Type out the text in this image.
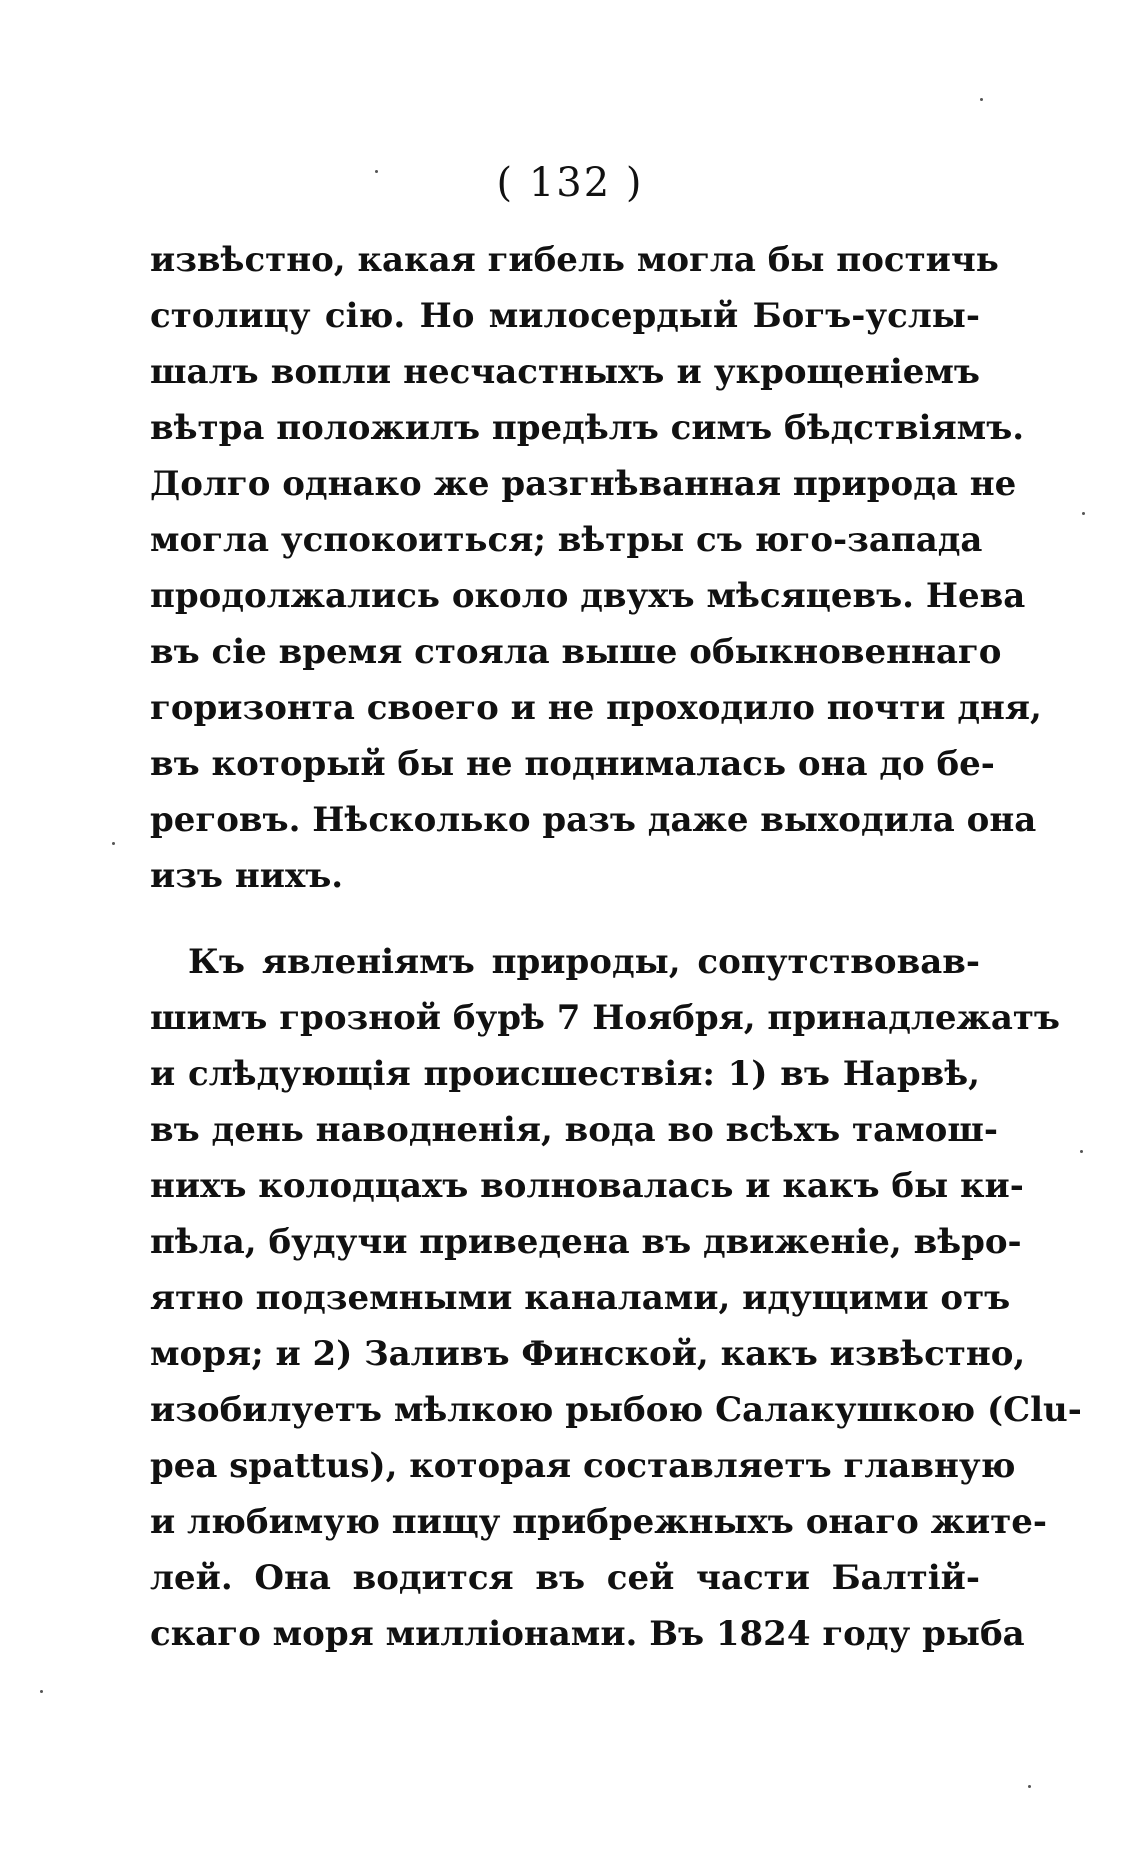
( 132 )
извѣстно, какая гибель могла бы постичь
столицу сію. Но милосердый Богъ-услы-
шалъ вопли несчастныхъ и укрощеніемъ
вѣтра положилъ предѣлъ симъ бѣдствіямъ.
Долго однако же разгнѣванная природа не
могла успокоиться; вѣтры съ юго-запада
продолжались около двухъ мѣсяцевъ. Нева
въ сіе время стояла выше обыкновеннаго
горизонта своего и не проходило почти дня,
въ который бы не поднималась она до бе-
реговъ. Нѣсколько разъ даже выходила она
изъ нихъ.
Къ явленіямъ природы, сопутствовав-
шимъ грозной бурѣ 7 Ноября, принадлежатъ
и слѣдующія происшествія: 1) въ Нарвѣ,
въ день наводненія, вода во всѣхъ тамош-
нихъ колодцахъ волновалась и какъ бы ки-
пѣла, будучи приведена въ движеніе, вѣро-
ятно подземными каналами, идущими отъ
моря; и 2) Заливъ Финской, какъ извѣстно,
изобилуетъ мѣлкою рыбою Салакушкою (Clu-
pea spattus), которая составляетъ главную
и любимую пищу прибрежныхъ онаго жите-
лей. Она водится въ сей части Балтій-
скаго моря милліонами. Въ 1824 году рыба
